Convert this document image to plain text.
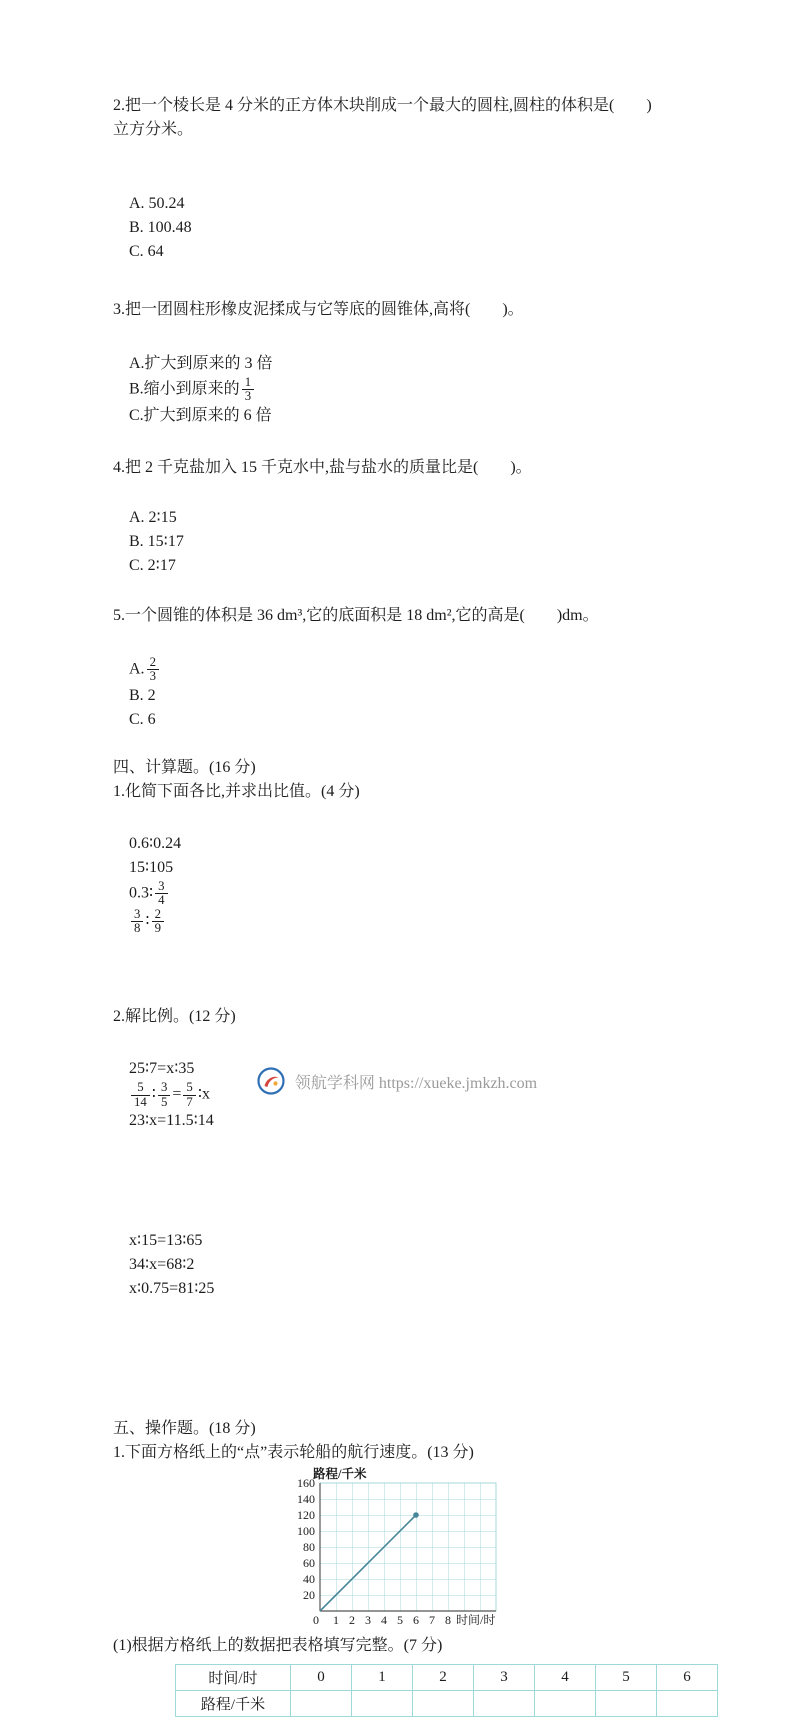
2.把一个棱长是 4 分米的正方体木块削成一个最大的圆柱,圆柱的体积是(　　)
立方分米。

A. 50.24
B. 100.48
C. 64

3.把一团圆柱形橡皮泥揉成与它等底的圆锥体,高将(　　)。

A.扩大到原来的 3 倍
B.缩小到原来的 $\frac{1}{3}$

C.扩大到原来的 6 倍

4.把 2 千克盐加入 15 千克水中,盐与盐水的质量比是(　　)。

A. 2∶15
B. 15∶17
C. 2∶17

5.一个圆锥的体积是 36 dm³,它的底面积是 18 dm²,它的高是(　　)dm。

A. $\frac{2}{3}$

B. 2
C. 6

四、计算题。(16 分)
1.化简下面各比,并求出比值。(4 分)

0.6∶0.24
15∶105
0.3∶ $\frac{3}{4}$

$\frac{3}{8}$ ∶ $\frac{2}{9}$

2.解比例。(12 分)

25∶7=x∶35

$\frac{5}{14}$ ∶ $\frac{3}{5} = \frac{5}{7}$ ∶x
23∶x=11.5∶14

x∶15=13∶65
34∶x=68∶2
x∶0.75=81∶25

五、操作题。(18 分)
1.下面方格纸上的“点”表示轮船的航行速度。(13 分)
路程/千米
160
140
120
100
80
60
40
20
0 1 2 3 4 5 6 7 8 时间/时
(1)根据方格纸上的数据把表格填写完整。(7 分)
时间/时	0	1	2	3	4	5	6
路程/千米							
领航学科网 https://xueke.jmkzh.com
